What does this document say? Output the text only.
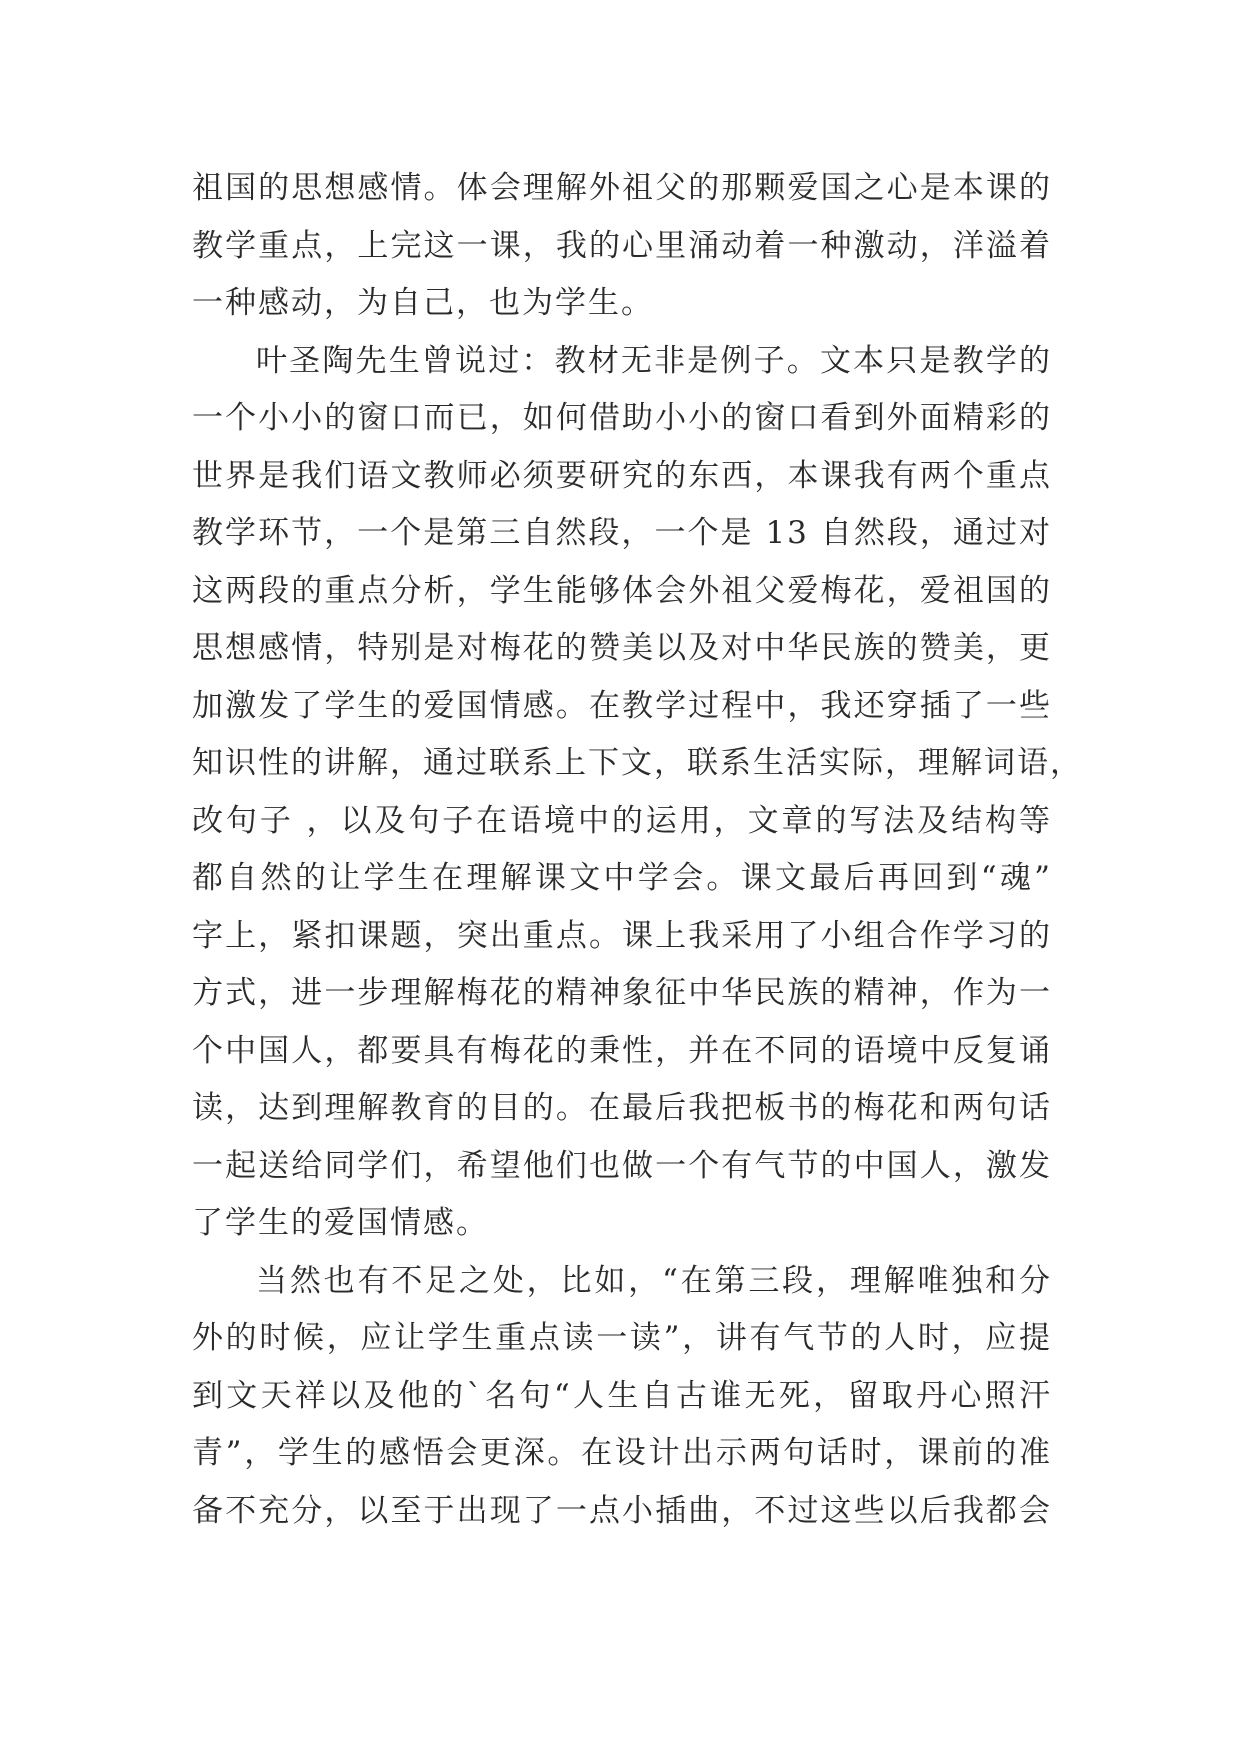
祖国的思想感情。体会理解外祖父的那颗爱国之心是本课的
教学重点，上完这一课，我的心里涌动着一种激动，洋溢着
一种感动，为自己，也为学生。
叶圣陶先生曾说过：教材无非是例子。文本只是教学的
一个小小的窗口而已，如何借助小小的窗口看到外面精彩的
世界是我们语文教师必须要研究的东西，本课我有两个重点
教学环节，一个是第三自然段，一个是 13 自然段，通过对
这两段的重点分析，学生能够体会外祖父爱梅花，爱祖国的
思想感情，特别是对梅花的赞美以及对中华民族的赞美，更
加激发了学生的爱国情感。在教学过程中，我还穿插了一些
知识性的讲解，通过联系上下文，联系生活实际，理解词语，
改句子 ，以及句子在语境中的运用，文章的写法及结构等
都自然的让学生在理解课文中学会。课文最后再回到“魂”
字上，紧扣课题，突出重点。课上我采用了小组合作学习的
方式，进一步理解梅花的精神象征中华民族的精神，作为一
个中国人，都要具有梅花的秉性，并在不同的语境中反复诵
读，达到理解教育的目的。在最后我把板书的梅花和两句话
一起送给同学们，希望他们也做一个有气节的中国人，激发
了学生的爱国情感。
当然也有不足之处，比如，“在第三段，理解唯独和分
外的时候，应让学生重点读一读”，讲有气节的人时，应提
到文天祥以及他的`名句“人生自古谁无死，留取丹心照汗
青”，学生的感悟会更深。在设计出示两句话时，课前的准
备不充分，以至于出现了一点小插曲，不过这些以后我都会
